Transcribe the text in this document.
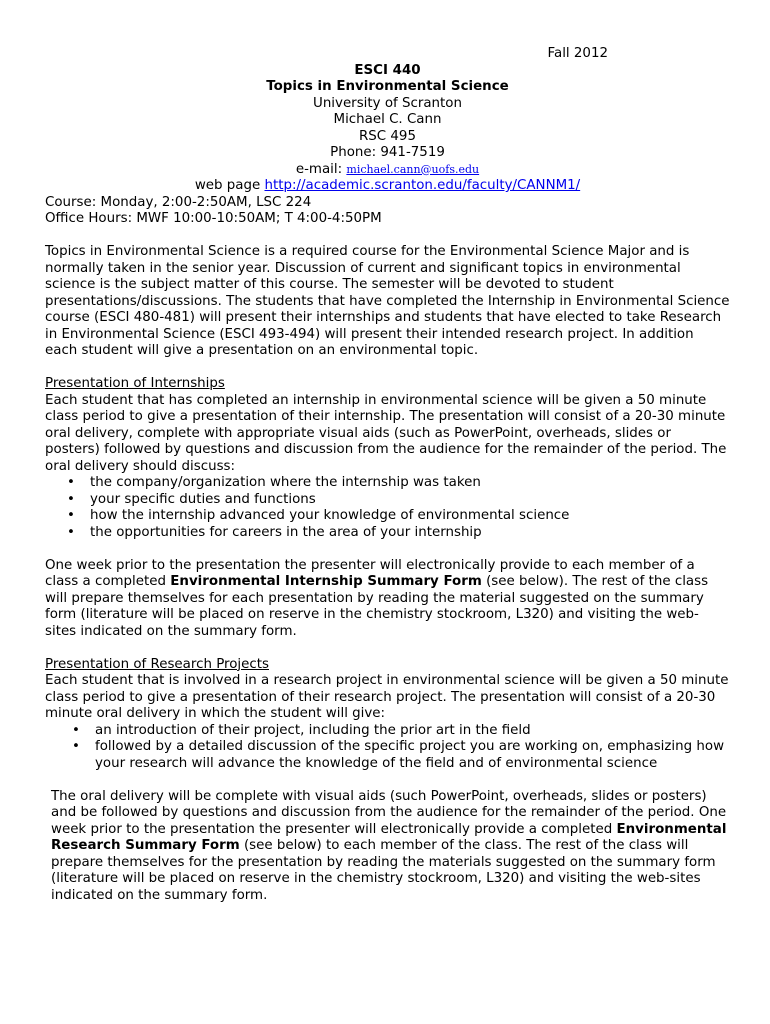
Fall 2012
ESCI 440
Topics in Environmental Science
University of Scranton
Michael C. Cann
RSC 495
Phone: 941-7519
e-mail: michael.cann@uofs.edu
web page http://academic.scranton.edu/faculty/CANNM1/
Course: Monday, 2:00-2:50AM, LSC 224
Office Hours: MWF 10:00-10:50AM; T 4:00-4:50PM

Topics in Environmental Science is a required course for the Environmental Science Major and is normally taken in the senior year. Discussion of current and significant topics in environmental science is the subject matter of this course. The semester will be devoted to student presentations/discussions. The students that have completed the Internship in Environmental Science course (ESCI 480-481) will present their internships and students that have elected to take Research in Environmental Science (ESCI 493-494) will present their intended research project. In addition each student will give a presentation on an environmental topic.

Presentation of Internships

Each student that has completed an internship in environmental science will be given a 50 minute class period to give a presentation of their internship. The presentation will consist of a 20-30 minute oral delivery, complete with appropriate visual aids (such as PowerPoint, overheads, slides or posters) followed by questions and discussion from the audience for the remainder of the period. The oral delivery should discuss:

• the company/organization where the internship was taken
• your specific duties and functions
• how the internship advanced your knowledge of environmental science
• the opportunities for careers in the area of your internship

One week prior to the presentation the presenter will electronically provide to each member of a class a completed Environmental Internship Summary Form (see below). The rest of the class will prepare themselves for each presentation by reading the material suggested on the summary form (literature will be placed on reserve in the chemistry stockroom, L320) and visiting the web-sites indicated on the summary form.

Presentation of Research Projects

Each student that is involved in a research project in environmental science will be given a 50 minute class period to give a presentation of their research project. The presentation will consist of a 20-30 minute oral delivery in which the student will give:

• an introduction of their project, including the prior art in the field
• followed by a detailed discussion of the specific project you are working on, emphasizing how your research will advance the knowledge of the field and of environmental science

The oral delivery will be complete with visual aids (such PowerPoint, overheads, slides or posters) and be followed by questions and discussion from the audience for the remainder of the period. One week prior to the presentation the presenter will electronically provide a completed Environmental Research Summary Form (see below) to each member of the class. The rest of the class will prepare themselves for the presentation by reading the materials suggested on the summary form (literature will be placed on reserve in the chemistry stockroom, L320) and visiting the web-sites indicated on the summary form.
